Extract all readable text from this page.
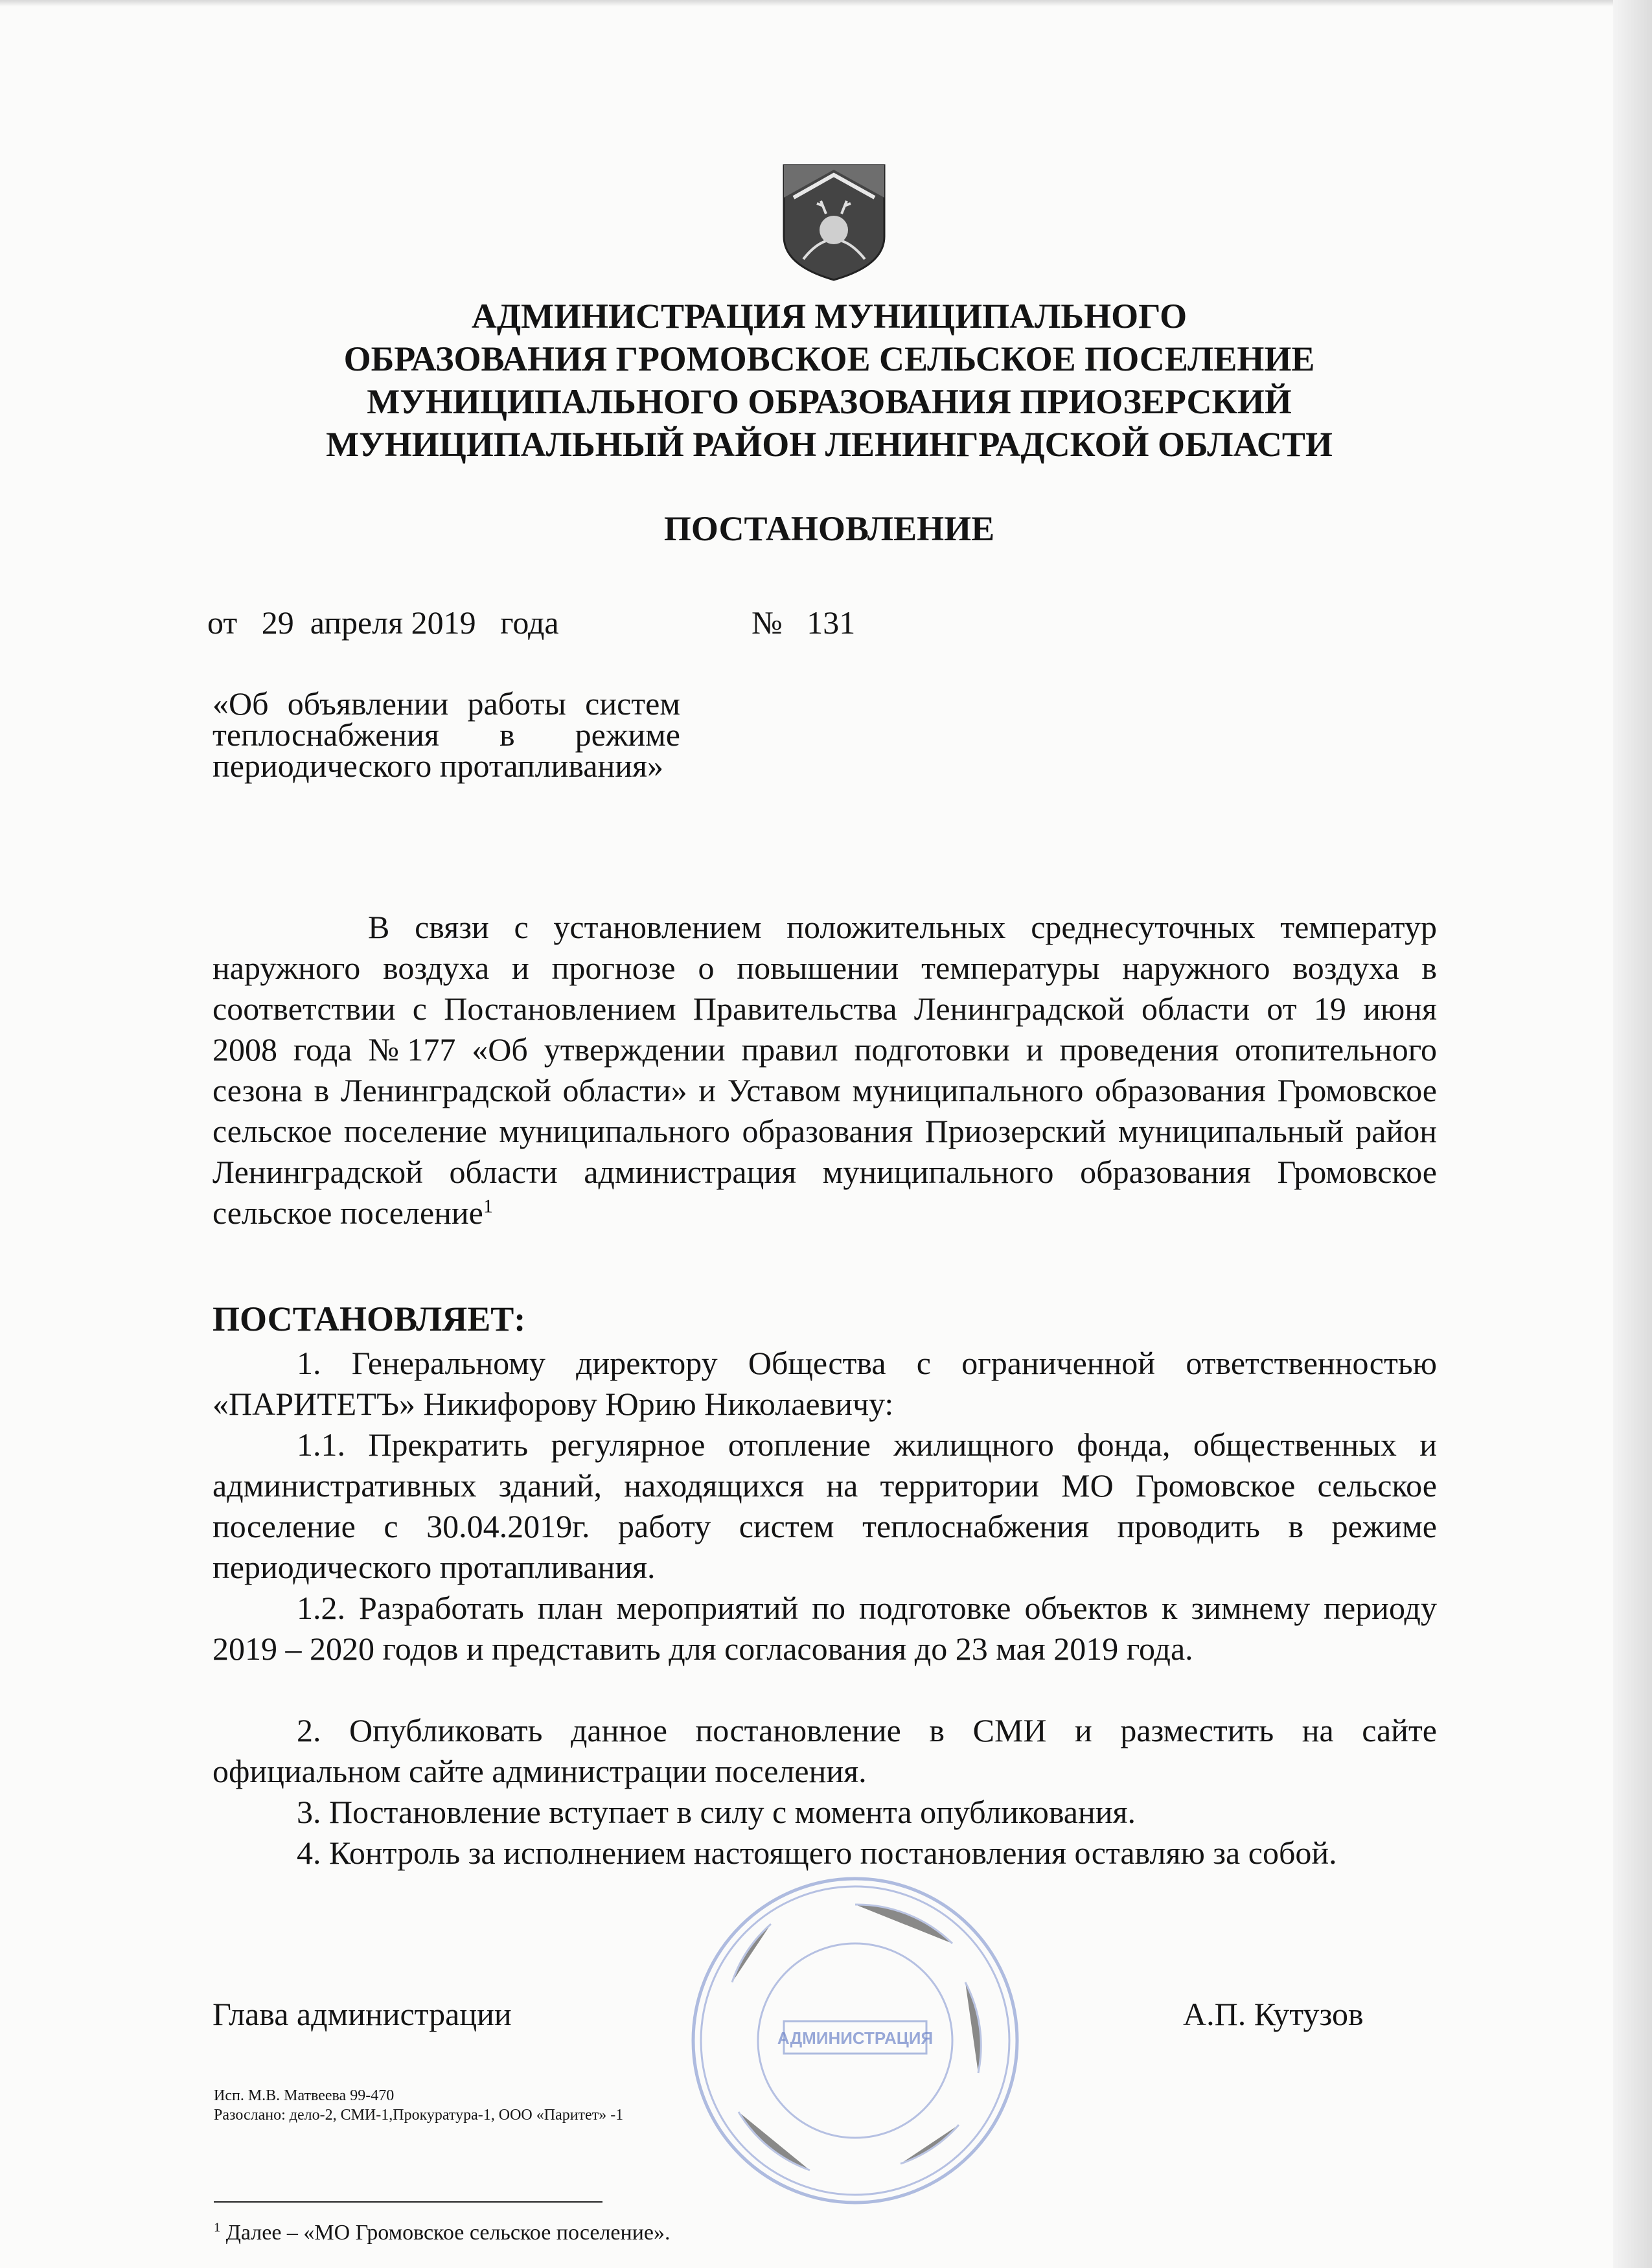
АДМИНИСТРАЦИЯ МУНИЦИПАЛЬНОГО
ОБРАЗОВАНИЯ ГРОМОВСКОЕ СЕЛЬСКОЕ ПОСЕЛЕНИЕ
МУНИЦИПАЛЬНОГО ОБРАЗОВАНИЯ ПРИОЗЕРСКИЙ
МУНИЦИПАЛЬНЫЙ РАЙОН ЛЕНИНГРАДСКОЙ ОБЛАСТИ
ПОСТАНОВЛЕНИЕ
от   29  апреля 2019   года	№   131
«Об объявлении работы систем теплоснабжения в режиме периодического протапливания»
В связи с установлением положительных среднесуточных температур наружного воздуха и прогнозе о повышении температуры наружного воздуха в соответствии с Постановлением Правительства Ленинградской области от 19 июня 2008 года №177 «Об утверждении правил подготовки и проведения отопительного сезона в Ленинградской области» и Уставом муниципального образования Громовское сельское поселение муниципального образования Приозерский муниципальный район Ленинградской области администрация муниципального образования Громовское сельское поселение$^1$
ПОСТАНОВЛЯЕТ:
1. Генеральному директору Общества с ограниченной ответственностью «ПАРИТЕТЪ» Никифорову Юрию Николаевичу:
1.1. Прекратить регулярное отопление жилищного фонда, общественных и административных зданий, находящихся на территории МО Громовское сельское поселение с 30.04.2019г. работу систем теплоснабжения проводить в режиме периодического протапливания.
1.2. Разработать план мероприятий по подготовке объектов к зимнему периоду 2019 – 2020 годов и представить для согласования до 23 мая 2019 года.
2. Опубликовать данное постановление в СМИ и разместить на сайте официальном сайте администрации поселения.
3. Постановление вступает в силу с момента опубликования.
4. Контроль за исполнением настоящего постановления оставляю за собой.
АДМИНИСТРАЦИЯ
Глава администрации	А.П. Кутузов
Исп. М.В. Матвеева 99-470
Разослано: дело-2, СМИ-1,Прокуратура-1, ООО «Паритет» -1
$^1$ Далее – «МО Громовское сельское поселение».
